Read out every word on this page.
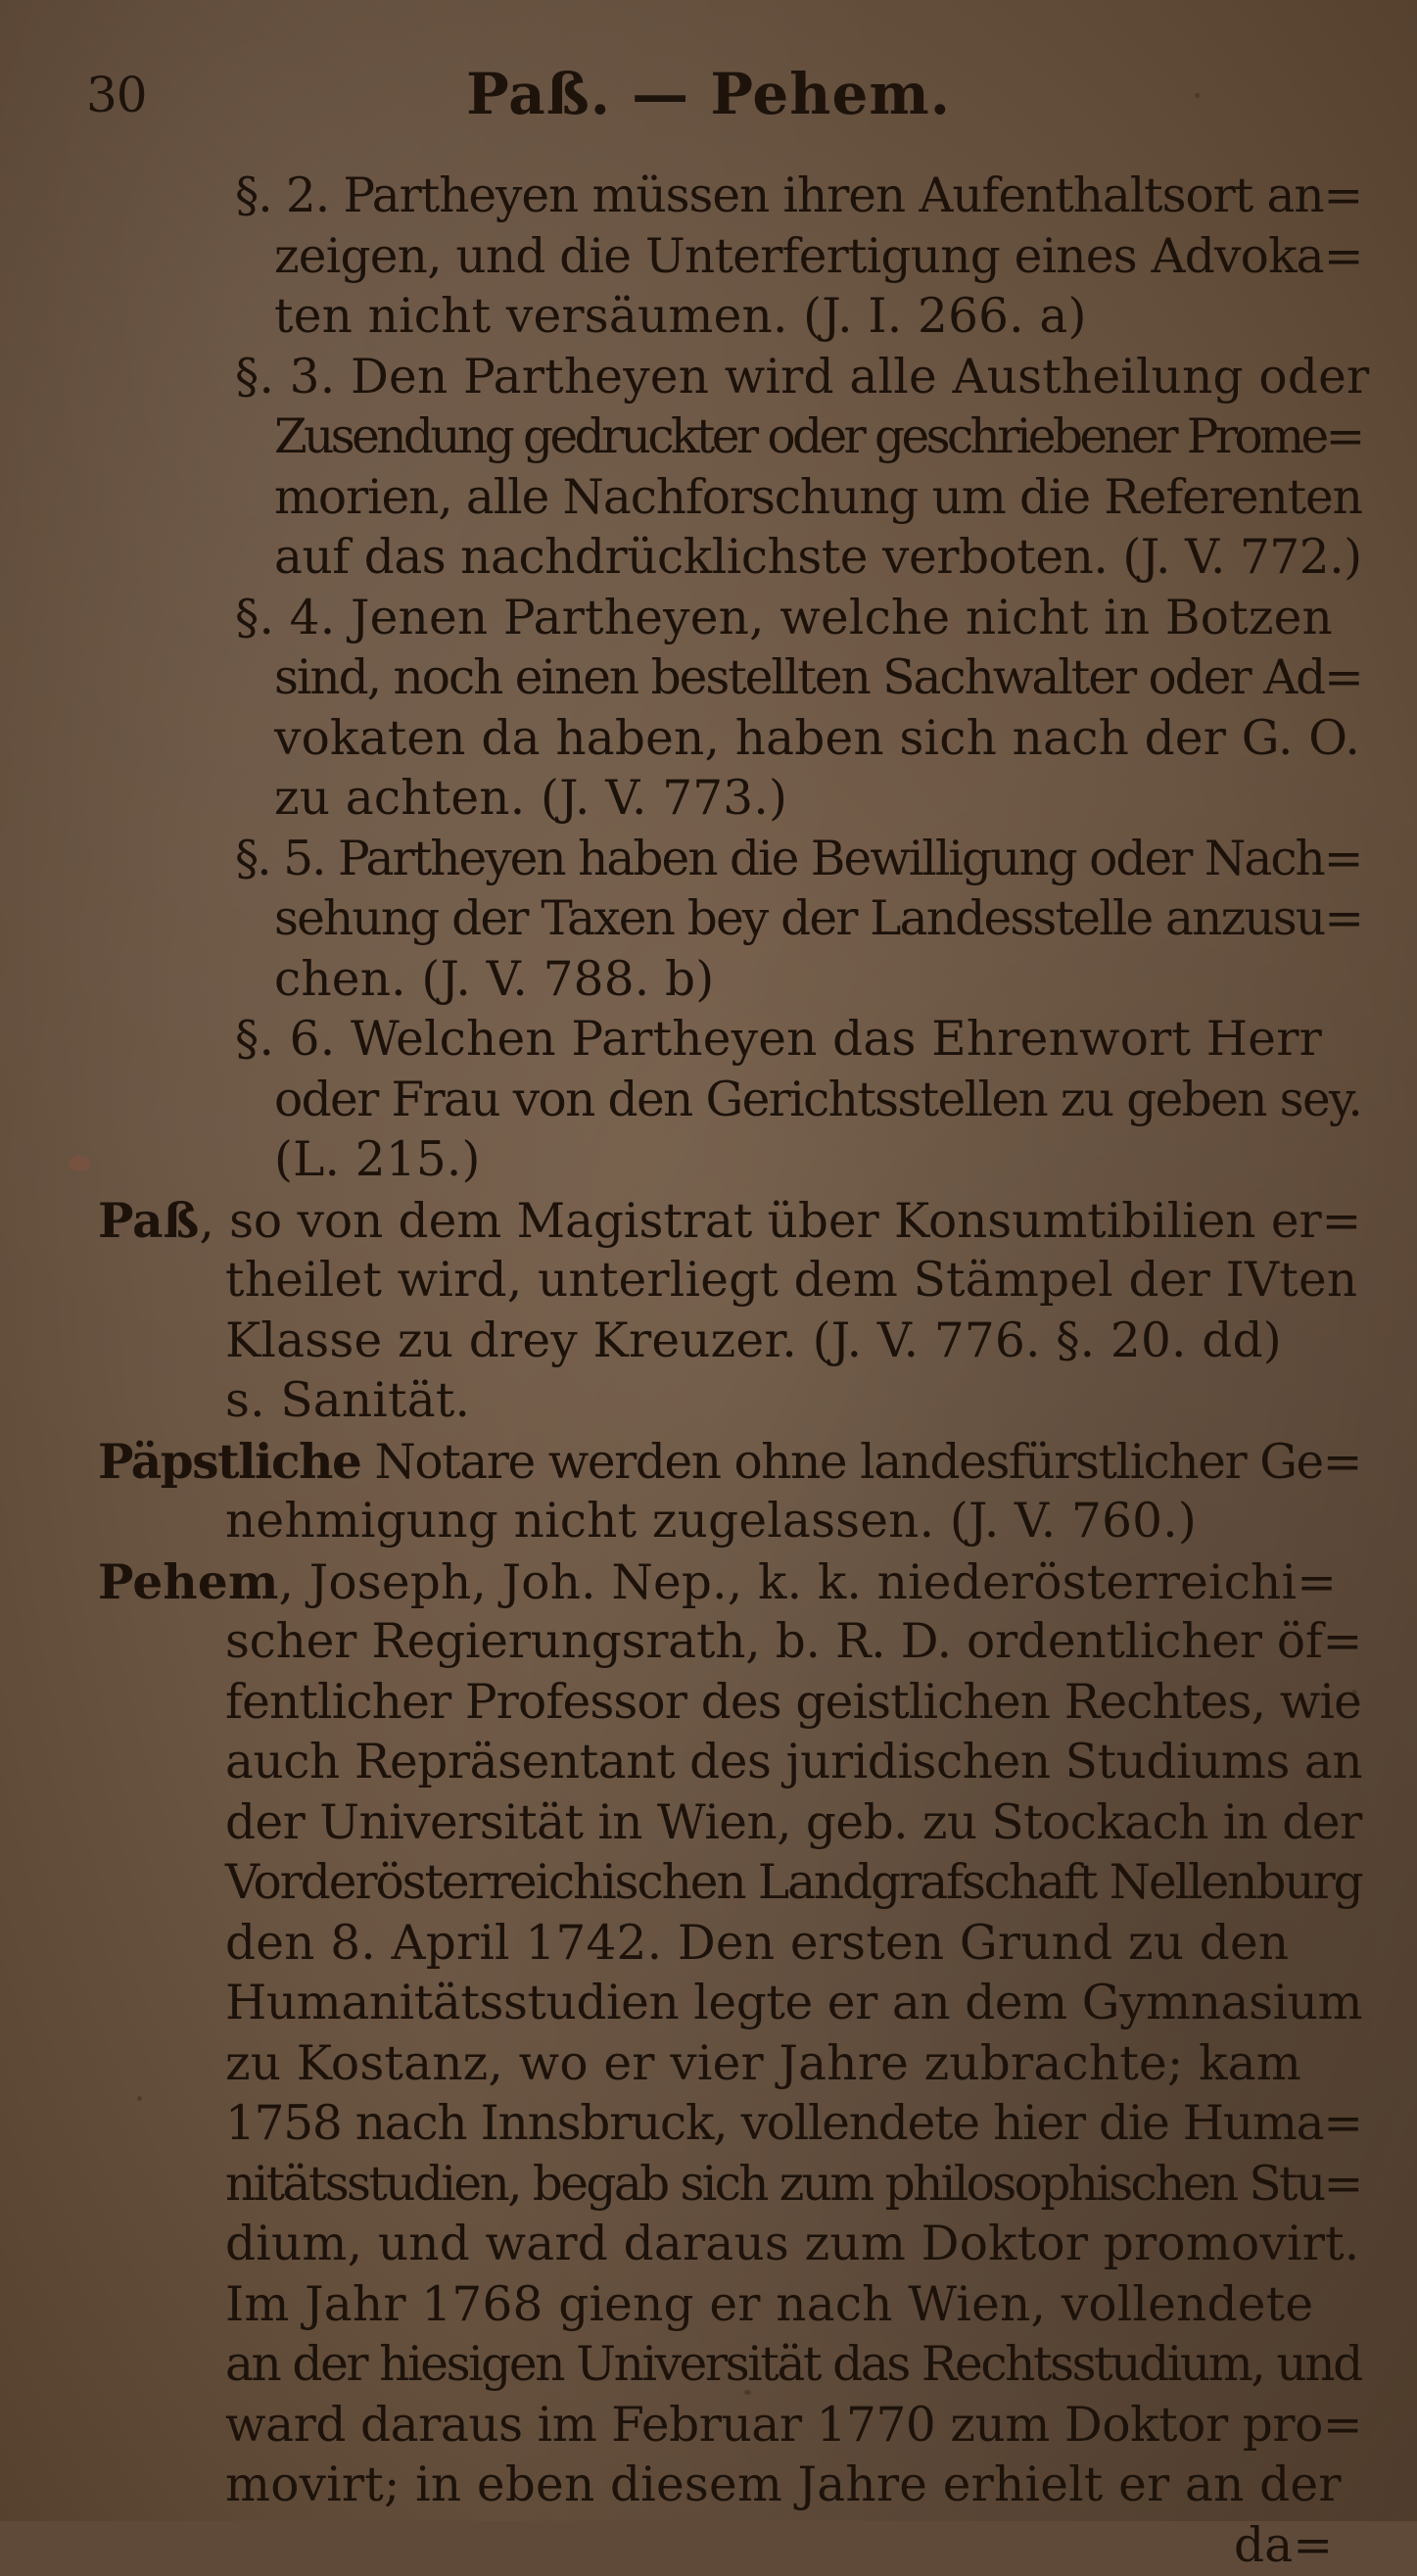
30	Paß. — Pehem.
§. 2. Partheyen müssen ihren Aufenthaltsort an=
zeigen, und die Unterfertigung eines Advoka=
ten nicht versäumen. (J. I. 266. a)
§. 3. Den Partheyen wird alle Austheilung oder
Zusendung gedruckter oder geschriebener Prome=
morien, alle Nachforschung um die Referenten
auf das nachdrücklichste verboten. (J. V. 772.)
§. 4. Jenen Partheyen, welche nicht in Botzen
sind, noch einen bestellten Sachwalter oder Ad=
vokaten da haben, haben sich nach der G. O.
zu achten. (J. V. 773.)
§. 5. Partheyen haben die Bewilligung oder Nach=
sehung der Taxen bey der Landesstelle anzusu=
chen. (J. V. 788. b)
§. 6. Welchen Partheyen das Ehrenwort Herr
oder Frau von den Gerichtsstellen zu geben sey.
(L. 215.)
Paß, so von dem Magistrat über Konsumtibilien er=
theilet wird, unterliegt dem Stämpel der IVten
Klasse zu drey Kreuzer. (J. V. 776. §. 20. dd)
s. Sanität.
Päpstliche Notare werden ohne landesfürstlicher Ge=
nehmigung nicht zugelassen. (J. V. 760.)
Pehem, Joseph, Joh. Nep., k. k. niederösterreichi=
scher Regierungsrath, b. R. D. ordentlicher öf=
fentlicher Professor des geistlichen Rechtes, wie
auch Repräsentant des juridischen Studiums an
der Universität in Wien, geb. zu Stockach in der
Vorderösterreichischen Landgrafschaft Nellenburg
den 8. April 1742. Den ersten Grund zu den
Humanitätsstudien legte er an dem Gymnasium
zu Kostanz, wo er vier Jahre zubrachte; kam
1758 nach Innsbruck, vollendete hier die Huma=
nitätsstudien, begab sich zum philosophischen Stu=
dium, und ward daraus zum Doktor promovirt.
Im Jahr 1768 gieng er nach Wien, vollendete
an der hiesigen Universität das Rechtsstudium, und
ward daraus im Februar 1770 zum Doktor pro=
movirt; in eben diesem Jahre erhielt er an der
da=
